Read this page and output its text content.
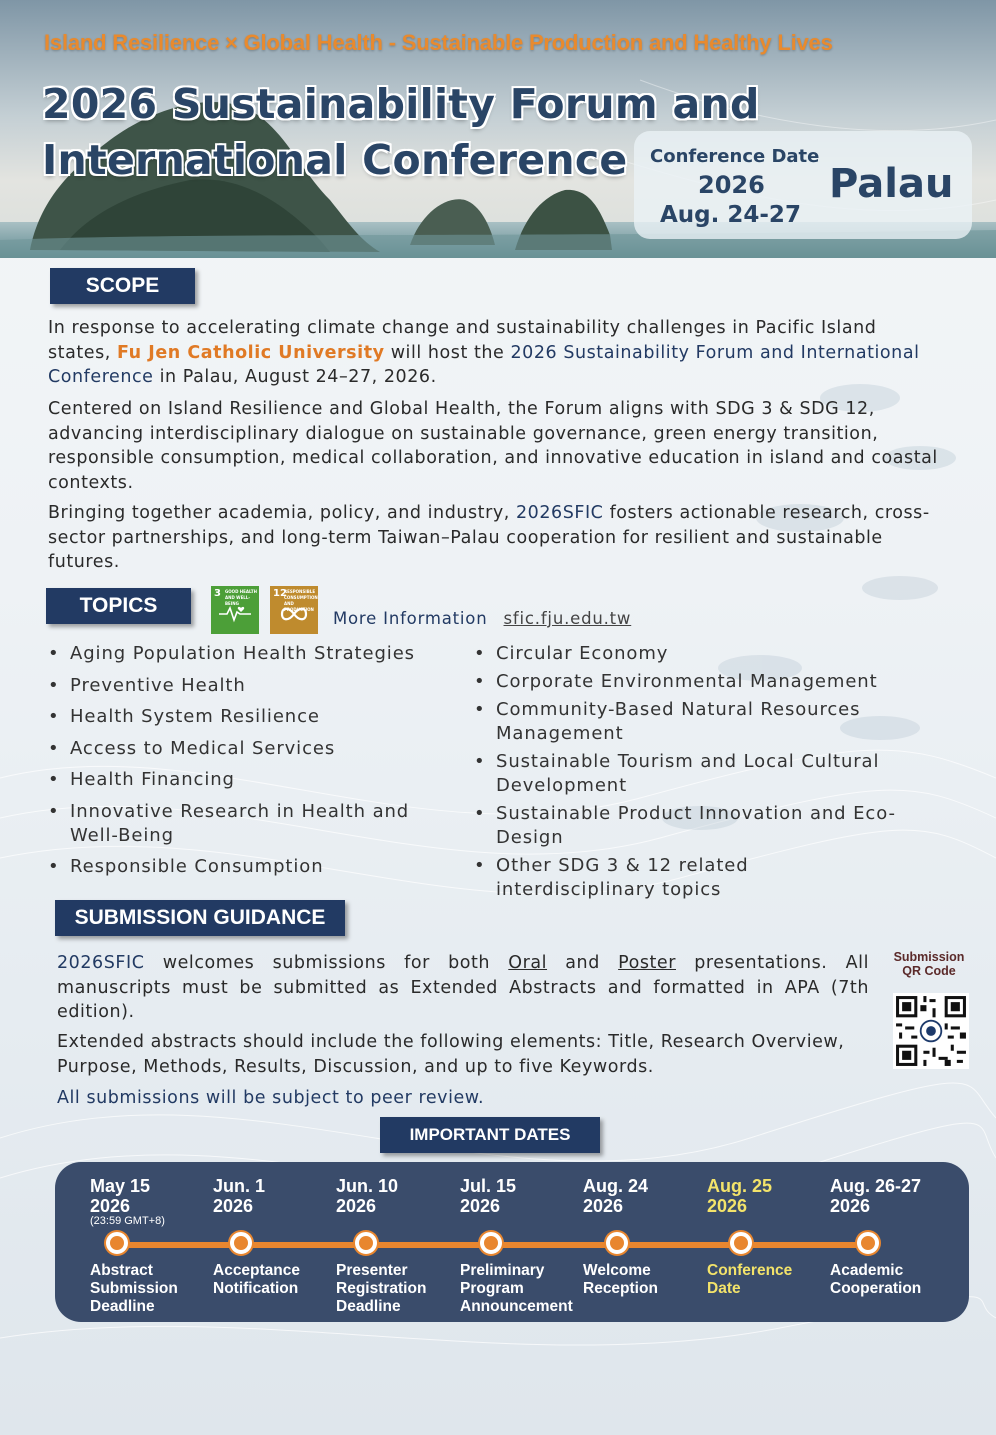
Island Resilience × Global Health - Sustainable Production and Healthy Lives
2026 Sustainability Forum and
International Conference	Conference Date
2026
Aug. 24-27
Palau
SCOPE
In response to accelerating climate change and sustainability challenges in Pacific Island states, Fu Jen Catholic University will host the 2026 Sustainability Forum and International Conference in Palau, August 24–27, 2026.
Centered on Island Resilience and Global Health, the Forum aligns with SDG 3 & SDG 12, advancing interdisciplinary dialogue on sustainable governance, green energy transition, responsible consumption, medical collaboration, and innovative education in island and coastal contexts.
Bringing together academia, policy, and industry, 2026SFIC fosters actionable research, cross-sector partnerships, and long-term Taiwan–Palau cooperation for resilient and sustainable futures.
TOPICS
3 GOOD HEALTH AND WELL-BEING
12
RESPONSIBLE CONSUMPTION AND PRODUCTION More Information sfic.fju.edu.tw
• Aging Population Health Strategies
• Preventive Health
• Health System Resilience
• Access to Medical Services
• Health Financing
• Innovative Research in Health and Well-Being
• Responsible Consumption
• Circular Economy
• Corporate Environmental Management
• Community-Based Natural Resources Management
• Sustainable Tourism and Local Cultural Development
• Sustainable Product Innovation and Eco-Design
• Other SDG 3 & 12 related interdisciplinary topics
SUBMISSION GUIDANCE
2026SFIC welcomes submissions for both Oral and Poster presentations. All manuscripts must be submitted as Extended Abstracts and formatted in APA (7th edition).
Extended abstracts should include the following elements: Title, Research Overview, Purpose, Methods, Results, Discussion, and up to five Keywords.
All submissions will be subject to peer review.
Submission QR Code
IMPORTANT DATES
May 15
2026
(23:59 GMT+8)
Abstract
Submission
Deadline
Jun. 1
2026
Acceptance
Notification
Jun. 10
2026
Presenter
Registration
Deadline
Jul. 15
2026
Preliminary
Program
Announcement
Aug. 24
2026
Welcome
Reception
Aug. 25
2026
Conference
Date
Aug. 26-27
2026
Academic
Cooperation
